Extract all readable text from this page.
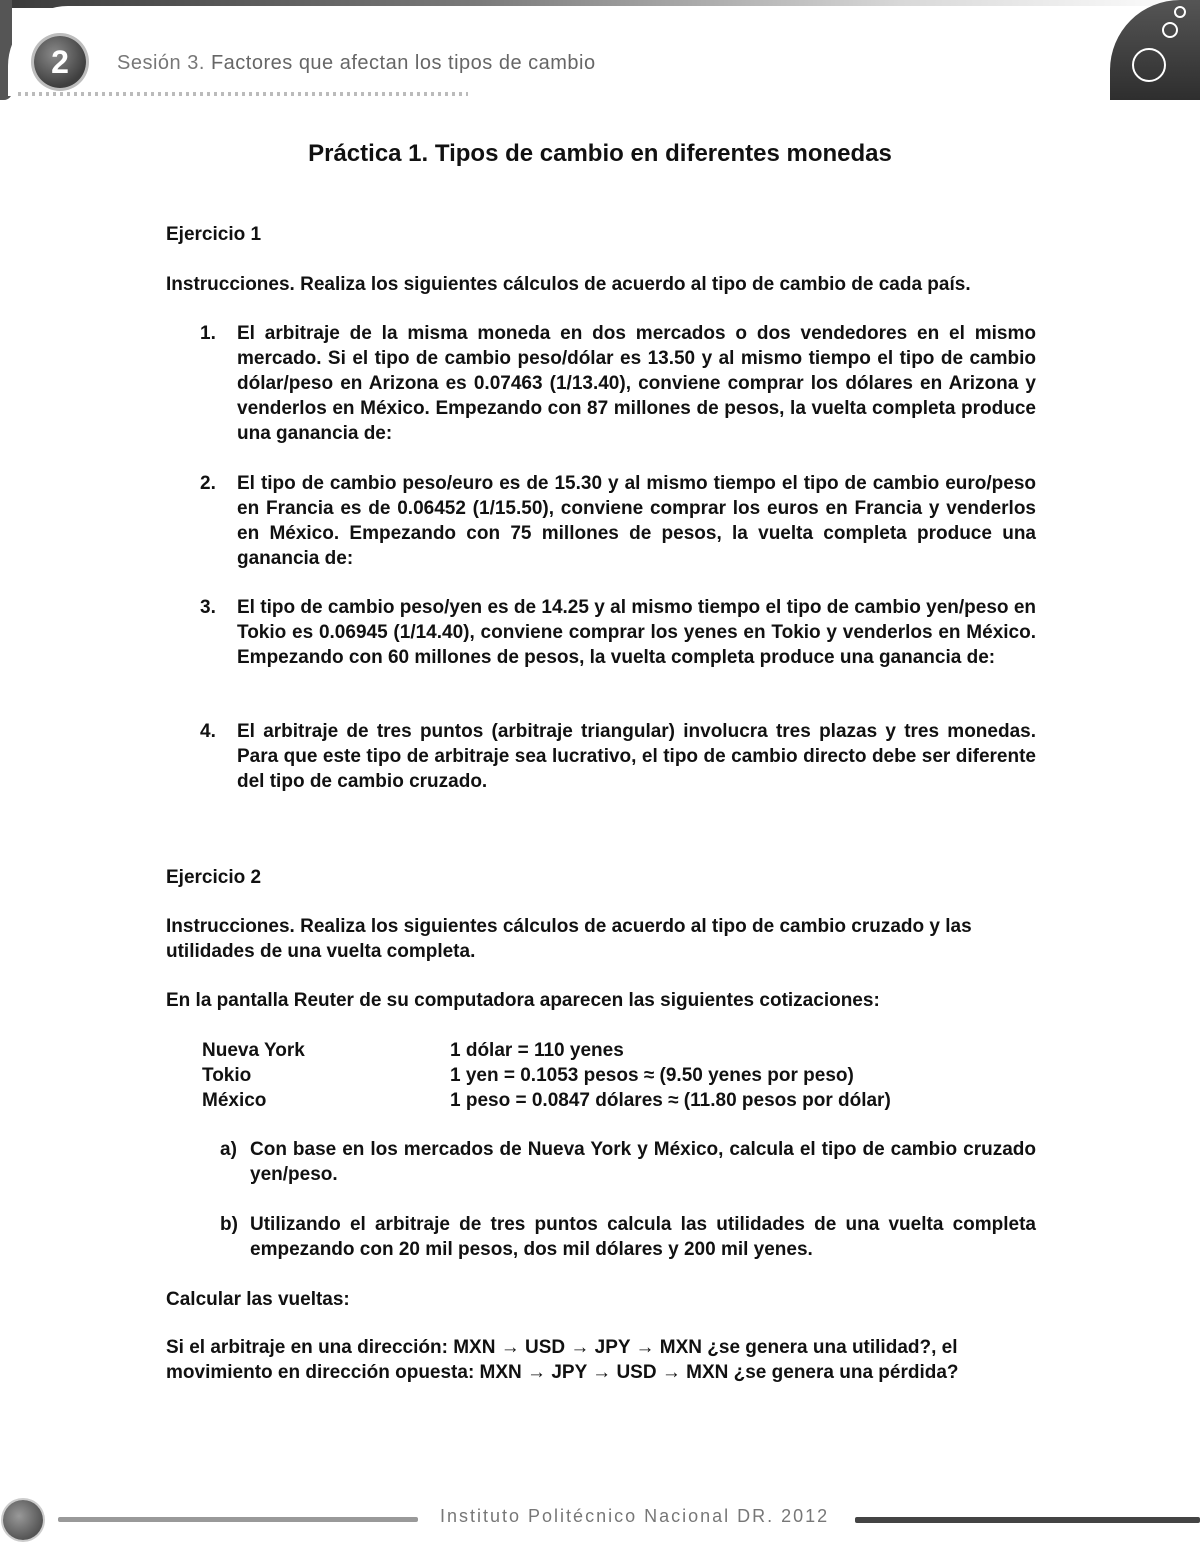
2	Sesión 3. Factores que afectan los tipos de cambio
Práctica 1. Tipos de cambio en diferentes monedas
Ejercicio 1
Instrucciones. Realiza los siguientes cálculos de acuerdo al tipo de cambio de cada país.
1.	El arbitraje de la misma moneda en dos mercados o dos vendedores en el mismo mercado. Si el tipo de cambio peso/dólar es 13.50 y al mismo tiempo el tipo de cambio dólar/peso en Arizona es 0.07463 (1/13.40), conviene comprar los dólares en Arizona y venderlos en México. Empezando con 87 millones de pesos, la vuelta completa produce una ganancia de:
2.	El tipo de cambio peso/euro es de 15.30 y al mismo tiempo el tipo de cambio euro/peso en Francia es de 0.06452 (1/15.50), conviene comprar los euros en Francia y venderlos en México. Empezando con 75 millones de pesos, la vuelta completa produce una ganancia de:
3.	El tipo de cambio peso/yen es de 14.25 y al mismo tiempo el tipo de cambio yen/peso en Tokio es 0.06945 (1/14.40), conviene comprar los yenes en Tokio y venderlos en México. Empezando con 60 millones de pesos, la vuelta completa produce una ganancia de:
4.	El arbitraje de tres puntos (arbitraje triangular) involucra tres plazas y tres monedas. Para que este tipo de arbitraje sea lucrativo, el tipo de cambio directo debe ser diferente del tipo de cambio cruzado.
Ejercicio 2
Instrucciones. Realiza los siguientes cálculos de acuerdo al tipo de cambio cruzado y las utilidades de una vuelta completa.
En la pantalla Reuter de su computadora aparecen las siguientes cotizaciones:
Nueva York	1 dólar = 110 yenes
Tokio	1 yen = 0.1053 pesos ≈ (9.50 yenes por peso)
México	1 peso = 0.0847 dólares ≈ (11.80 pesos por dólar)
a) Con base en los mercados de Nueva York y México, calcula el tipo de cambio cruzado yen/peso.
b) Utilizando el arbitraje de tres puntos calcula las utilidades de una vuelta completa empezando con 20 mil pesos, dos mil dólares y 200 mil yenes.
Calcular las vueltas:
Si el arbitraje en una dirección: MXN → USD → JPY → MXN ¿se genera una utilidad?, el movimiento en dirección opuesta: MXN → JPY → USD → MXN ¿se genera una pérdida?
Instituto Politécnico Nacional DR. 2012
